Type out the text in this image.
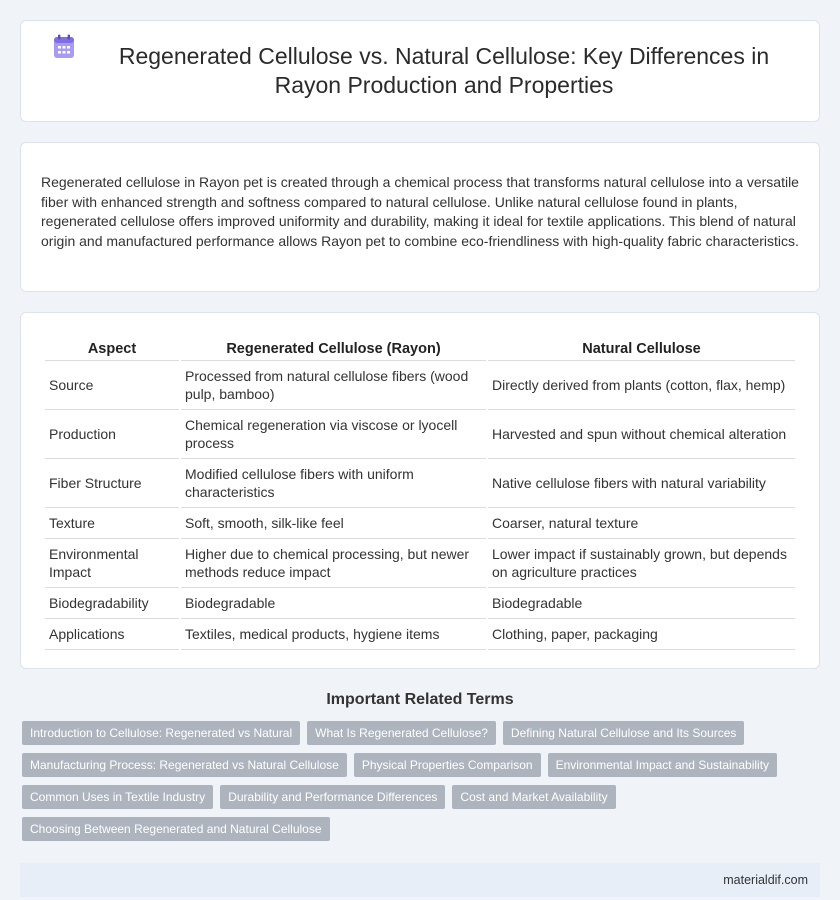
Regenerated Cellulose vs. Natural Cellulose: Key Differences in Rayon Production and Properties

Regenerated cellulose in Rayon pet is created through a chemical process that transforms natural cellulose into a versatile fiber with enhanced strength and softness compared to natural cellulose. Unlike natural cellulose found in plants, regenerated cellulose offers improved uniformity and durability, making it ideal for textile applications. This blend of natural origin and manufactured performance allows Rayon pet to combine eco-friendliness with high-quality fabric characteristics.

Aspect	Regenerated Cellulose (Rayon)	Natural Cellulose
Source	Processed from natural cellulose fibers (wood pulp, bamboo)	Directly derived from plants (cotton, flax, hemp)
Production	Chemical regeneration via viscose or lyocell process	Harvested and spun without chemical alteration
Fiber Structure	Modified cellulose fibers with uniform characteristics	Native cellulose fibers with natural variability
Texture	Soft, smooth, silk-like feel	Coarser, natural texture
Environmental Impact	Higher due to chemical processing, but newer methods reduce impact	Lower impact if sustainably grown, but depends on agriculture practices
Biodegradability	Biodegradable	Biodegradable
Applications	Textiles, medical products, hygiene items	Clothing, paper, packaging
Important Related Terms
Introduction to Cellulose: Regenerated vs Natural	What Is Regenerated Cellulose?	Defining Natural Cellulose and Its Sources
Manufacturing Process: Regenerated vs Natural Cellulose	Physical Properties Comparison	Environmental Impact and Sustainability
Common Uses in Textile Industry	Durability and Performance Differences	Cost and Market Availability
Choosing Between Regenerated and Natural Cellulose
materialdif.com
